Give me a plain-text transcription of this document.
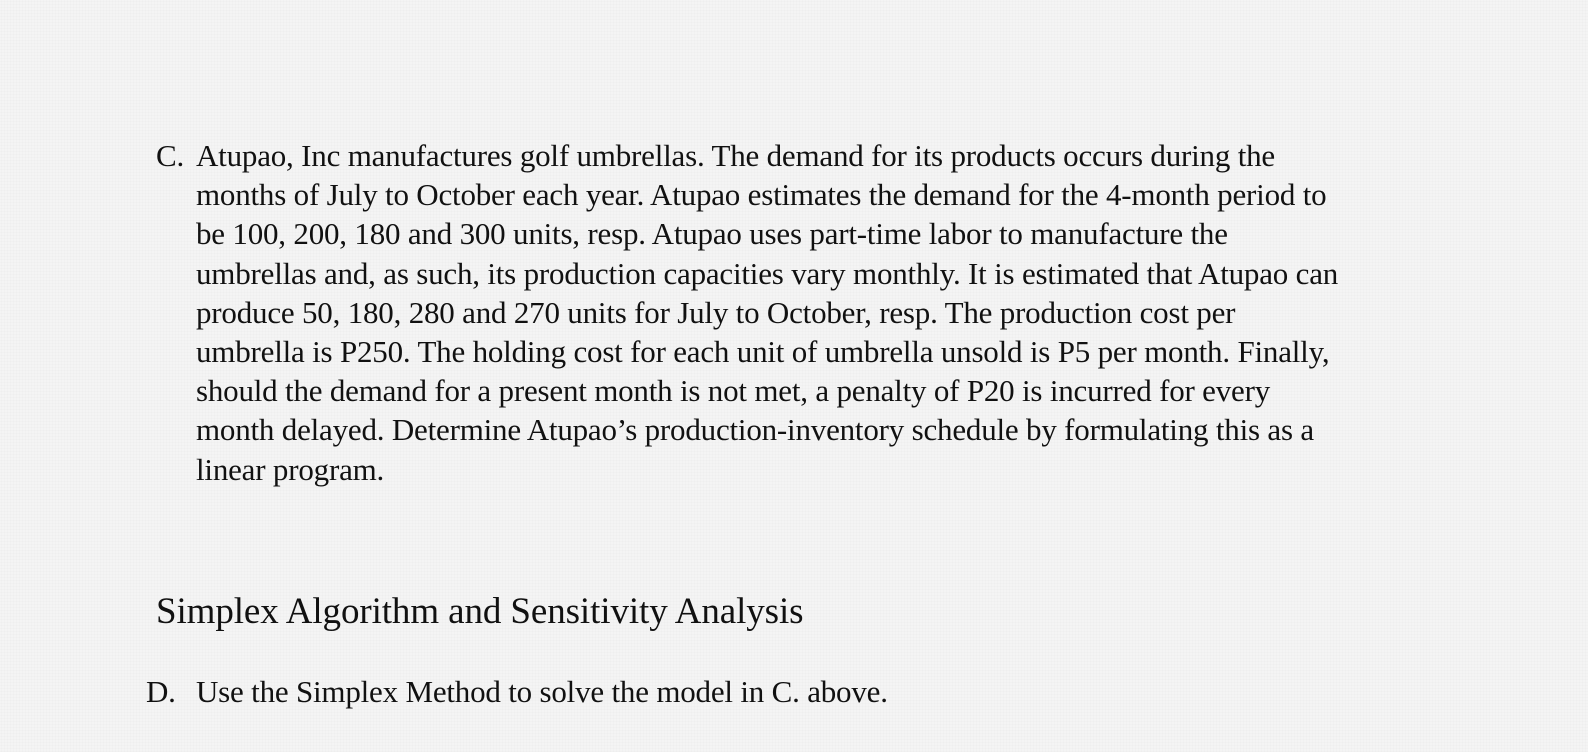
C. Atupao, Inc manufactures golf umbrellas. The demand for its products occurs during the
months of July to October each year. Atupao estimates the demand for the 4-month period to
be 100, 200, 180 and 300 units, resp. Atupao uses part-time labor to manufacture the
umbrellas and, as such, its production capacities vary monthly. It is estimated that Atupao can
produce 50, 180, 280 and 270 units for July to October, resp. The production cost per
umbrella is P250. The holding cost for each unit of umbrella unsold is P5 per month. Finally,
should the demand for a present month is not met, a penalty of P20 is incurred for every
month delayed. Determine Atupao’s production-inventory schedule by formulating this as a
linear program.
Simplex Algorithm and Sensitivity Analysis
D. Use the Simplex Method to solve the model in C. above.
